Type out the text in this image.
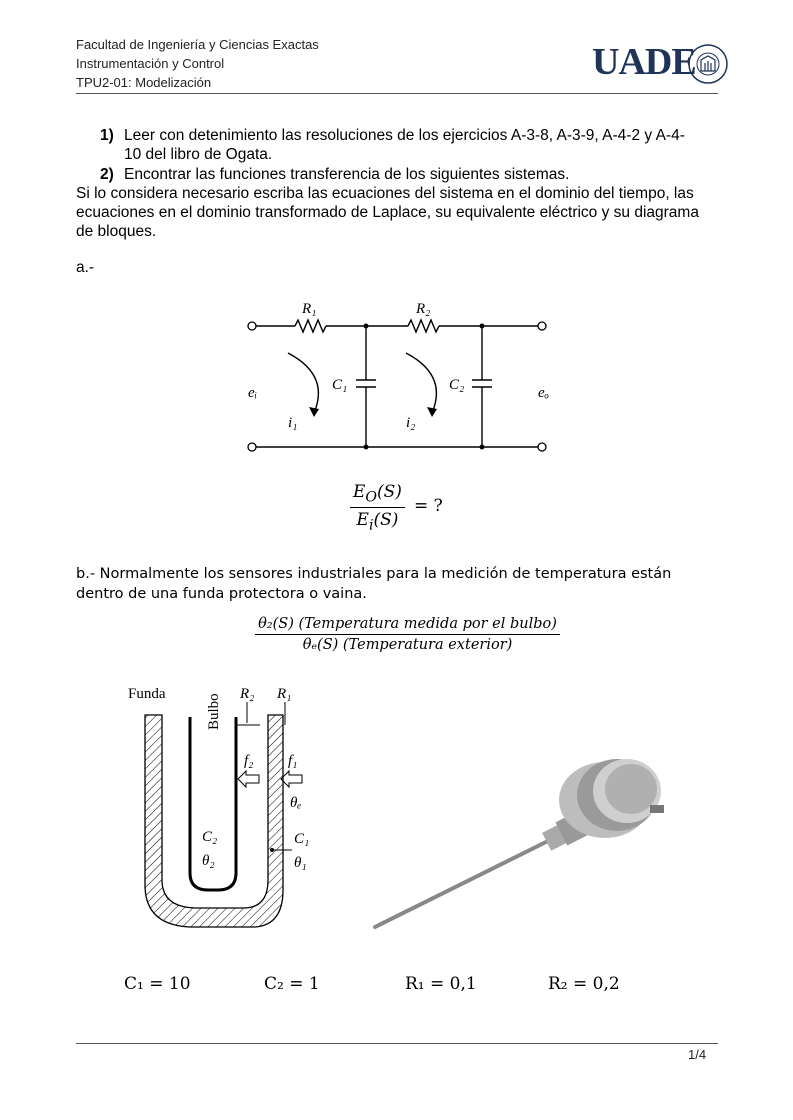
Facultad de Ingeniería y Ciencias Exactas
Instrumentación y Control
TPU2-01: Modelización	UADE
1) Leer con detenimiento las resoluciones de los ejercicios A-3-8, A-3-9, A-4-2 y A-4-
10 del libro de Ogata.
2) Encontrar las funciones transferencia de los siguientes sistemas.
Si lo considera necesario escriba las ecuaciones del sistema en el dominio del tiempo, las
ecuaciones en el dominio transformado de Laplace, su equivalente eléctrico y su diagrama
de bloques.
a.-
R₁	R₂
C₁	C₂
eᵢ	eₒ
i₁	i₂
$\frac{E_O(S)}{E_i(S)}$ = ?
b.- Normalmente los sensores industriales para la medición de temperatura están
dentro de una funda protectora o vaina.
θ₂(S) (Temperatura medida por el bulbo)
θₑ(S) (Temperatura exterior)
Funda	Bulbo R₂ R₁
f₂ f₁
θₑ
C₁
θ₁
C₂
θ₂
C₁ = 10	C₂ = 1	R₁ = 0,1	R₂ = 0,2
1/4
